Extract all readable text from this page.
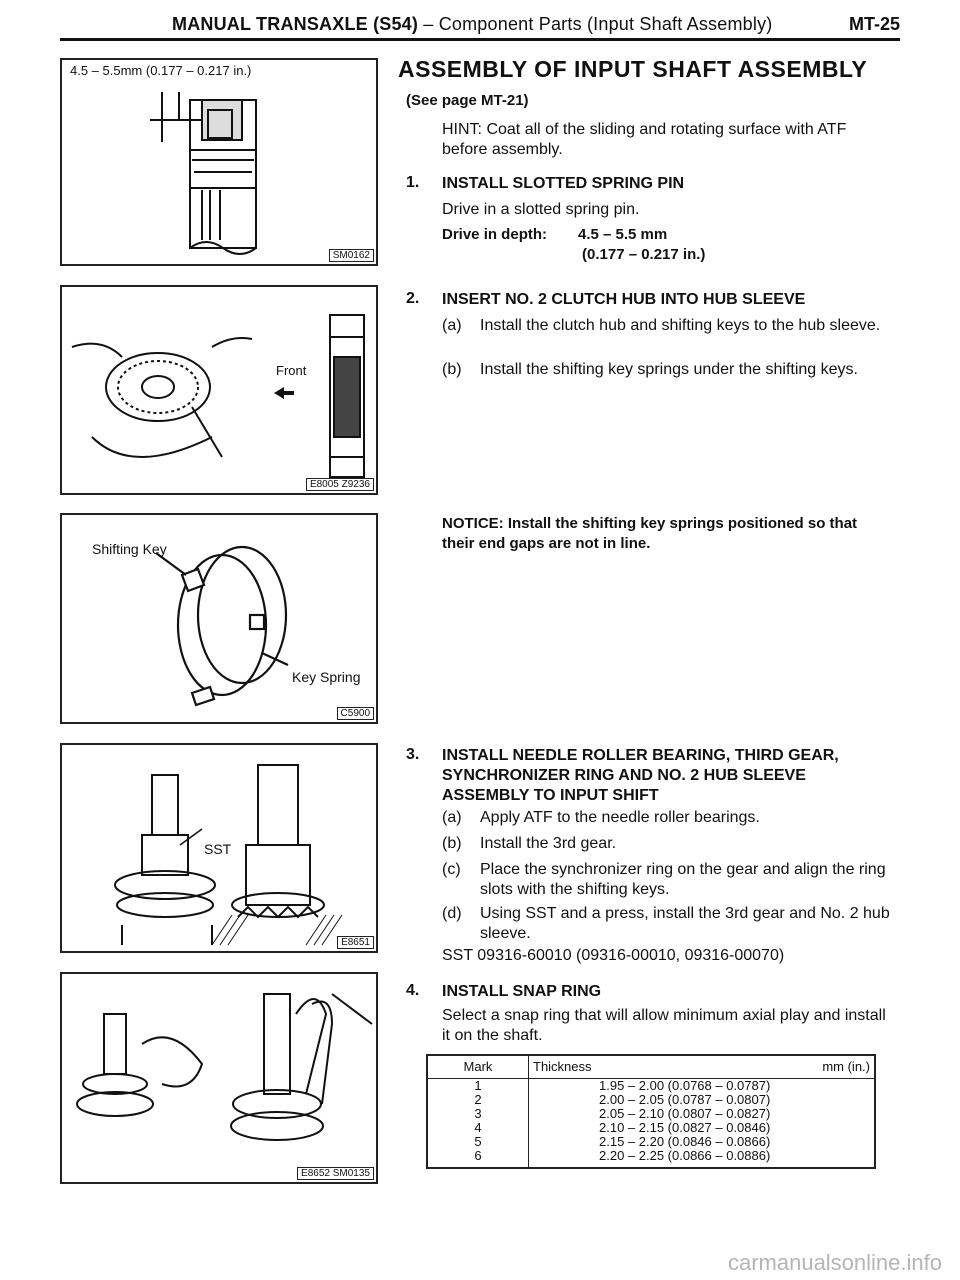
MANUAL TRANSAXLE (S54) – Component Parts (Input Shaft Assembly)	MT-25
4.5 – 5.5mm (0.177 – 0.217 in.)
SM0162
Front
E8005 Z9236
Shifting Key
Key Spring
C5900
SST
E8651
E8652 SM0135
ASSEMBLY OF INPUT SHAFT ASSEMBLY
(See page MT-21)
HINT: Coat all of the sliding and rotating surface with ATF before assembly.
1. INSTALL SLOTTED SPRING PIN
Drive in a slotted spring pin.
Drive in depth: 4.5 – 5.5 mm
(0.177 – 0.217 in.)
2. INSERT NO. 2 CLUTCH HUB INTO HUB SLEEVE
(a) Install the clutch hub and shifting keys to the hub sleeve.
(b) Install the shifting key springs under the shifting keys.
NOTICE: Install the shifting key springs positioned so that their end gaps are not in line.
3. INSTALL NEEDLE ROLLER BEARING, THIRD GEAR, SYNCHRONIZER RING AND NO. 2 HUB SLEEVE ASSEMBLY TO INPUT SHIFT
(a) Apply ATF to the needle roller bearings.
(b) Install the 3rd gear.
(c) Place the synchronizer ring on the gear and align the ring slots with the shifting keys.
(d) Using SST and a press, install the 3rd gear and No. 2 hub sleeve.
SST 09316-60010 (09316-00010, 09316-00070)
4. INSTALL SNAP RING
Select a snap ring that will allow minimum axial play and install it on the shaft.
Mark	Thickness mm (in.)

1	1.95 – 2.00 (0.0768 – 0.0787)
2	2.00 – 2.05 (0.0787 – 0.0807)
3	2.05 – 2.10 (0.0807 – 0.0827)
4	2.10 – 2.15 (0.0827 – 0.0846)
5	2.15 – 2.20 (0.0846 – 0.0866)
6	2.20 – 2.25 (0.0866 – 0.0886)
carmanualsonline.info
